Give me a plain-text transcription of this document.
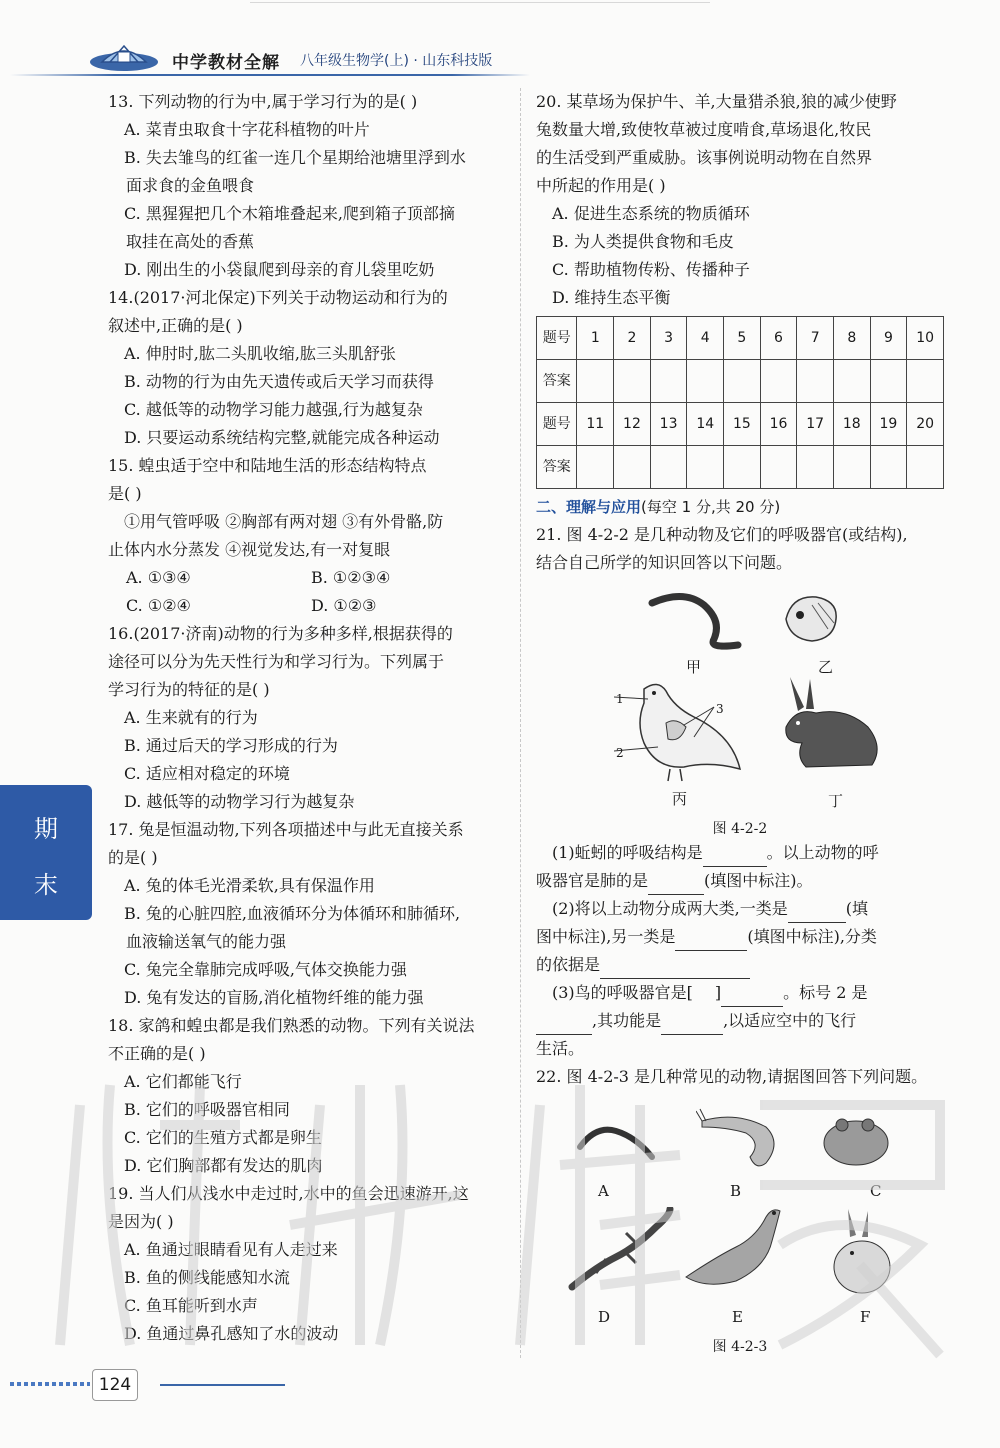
中学教材全解 八年级生物学(上) · 山东科技版
13. 下列动物的行为中,属于学习行为的是( )
A. 菜青虫取食十字花科植物的叶片
B. 失去雏鸟的红雀一连几个星期给池塘里浮到水
面求食的金鱼喂食
C. 黑猩猩把几个木箱堆叠起来,爬到箱子顶部摘
取挂在高处的香蕉
D. 刚出生的小袋鼠爬到母亲的育儿袋里吃奶
14.(2017·河北保定)下列关于动物运动和行为的
叙述中,正确的是( )
A. 伸肘时,肱二头肌收缩,肱三头肌舒张
B. 动物的行为由先天遗传或后天学习而获得
C. 越低等的动物学习能力越强,行为越复杂
D. 只要运动系统结构完整,就能完成各种运动
15. 蝗虫适于空中和陆地生活的形态结构特点
是( )
①用气管呼吸 ②胸部有两对翅 ③有外骨骼,防
止体内水分蒸发 ④视觉发达,有一对复眼
A. ①③④	B. ①②③④
C. ①②④	D. ①②③
16.(2017·济南)动物的行为多种多样,根据获得的
途径可以分为先天性行为和学习行为。下列属于
学习行为的特征的是( )
A. 生来就有的行为
B. 通过后天的学习形成的行为
C. 适应相对稳定的环境
D. 越低等的动物学习行为越复杂
17. 兔是恒温动物,下列各项描述中与此无直接关系
的是( )
A. 兔的体毛光滑柔软,具有保温作用
B. 兔的心脏四腔,血液循环分为体循环和肺循环,
血液输送氧气的能力强
C. 兔完全靠肺完成呼吸,气体交换能力强
D. 兔有发达的盲肠,消化植物纤维的能力强
18. 家鸽和蝗虫都是我们熟悉的动物。下列有关说法
不正确的是( )
A. 它们都能飞行
B. 它们的呼吸器官相同
C. 它们的生殖方式都是卵生
D. 它们胸部都有发达的肌肉
19. 当人们从浅水中走过时,水中的鱼会迅速游开,这
是因为( )
A. 鱼通过眼睛看见有人走过来
B. 鱼的侧线能感知水流
C. 鱼耳能听到水声
D. 鱼通过鼻孔感知了水的波动
20. 某草场为保护牛、羊,大量猎杀狼,狼的减少使野
兔数量大增,致使牧草被过度啃食,草场退化,牧民
的生活受到严重威胁。该事例说明动物在自然界
中所起的作用是( )
A. 促进生态系统的物质循环
B. 为人类提供食物和毛皮
C. 帮助植物传粉、传播种子
D. 维持生态平衡
题号	1	2	3	4	5	6	7	8	9	10
答案										
题号	11	12	13	14	15	16	17	18	19	20
答案										
二、理解与应用(每空 1 分,共 20 分)
21. 图 4-2-2 是几种动物及它们的呼吸器官(或结构),
结合自己所学的知识回答以下问题。
甲	乙
1
2
3
丙	丁
图 4-2-2
(1)蚯蚓的呼吸结构是	。以上动物的呼
吸器官是肺的是	(填图中标注)。
(2)将以上动物分成两大类,一类是	(填
图中标注),另一类是	(填图中标注),分类
的依据是
(3)鸟的呼吸器官是[ ]	。标号 2 是
,其功能是	,以适应空中的飞行
生活。
22. 图 4-2-3 是几种常见的动物,请据图回答下列问题。
A	B	C
D	E	F
图 4-2-3
期
末
124
